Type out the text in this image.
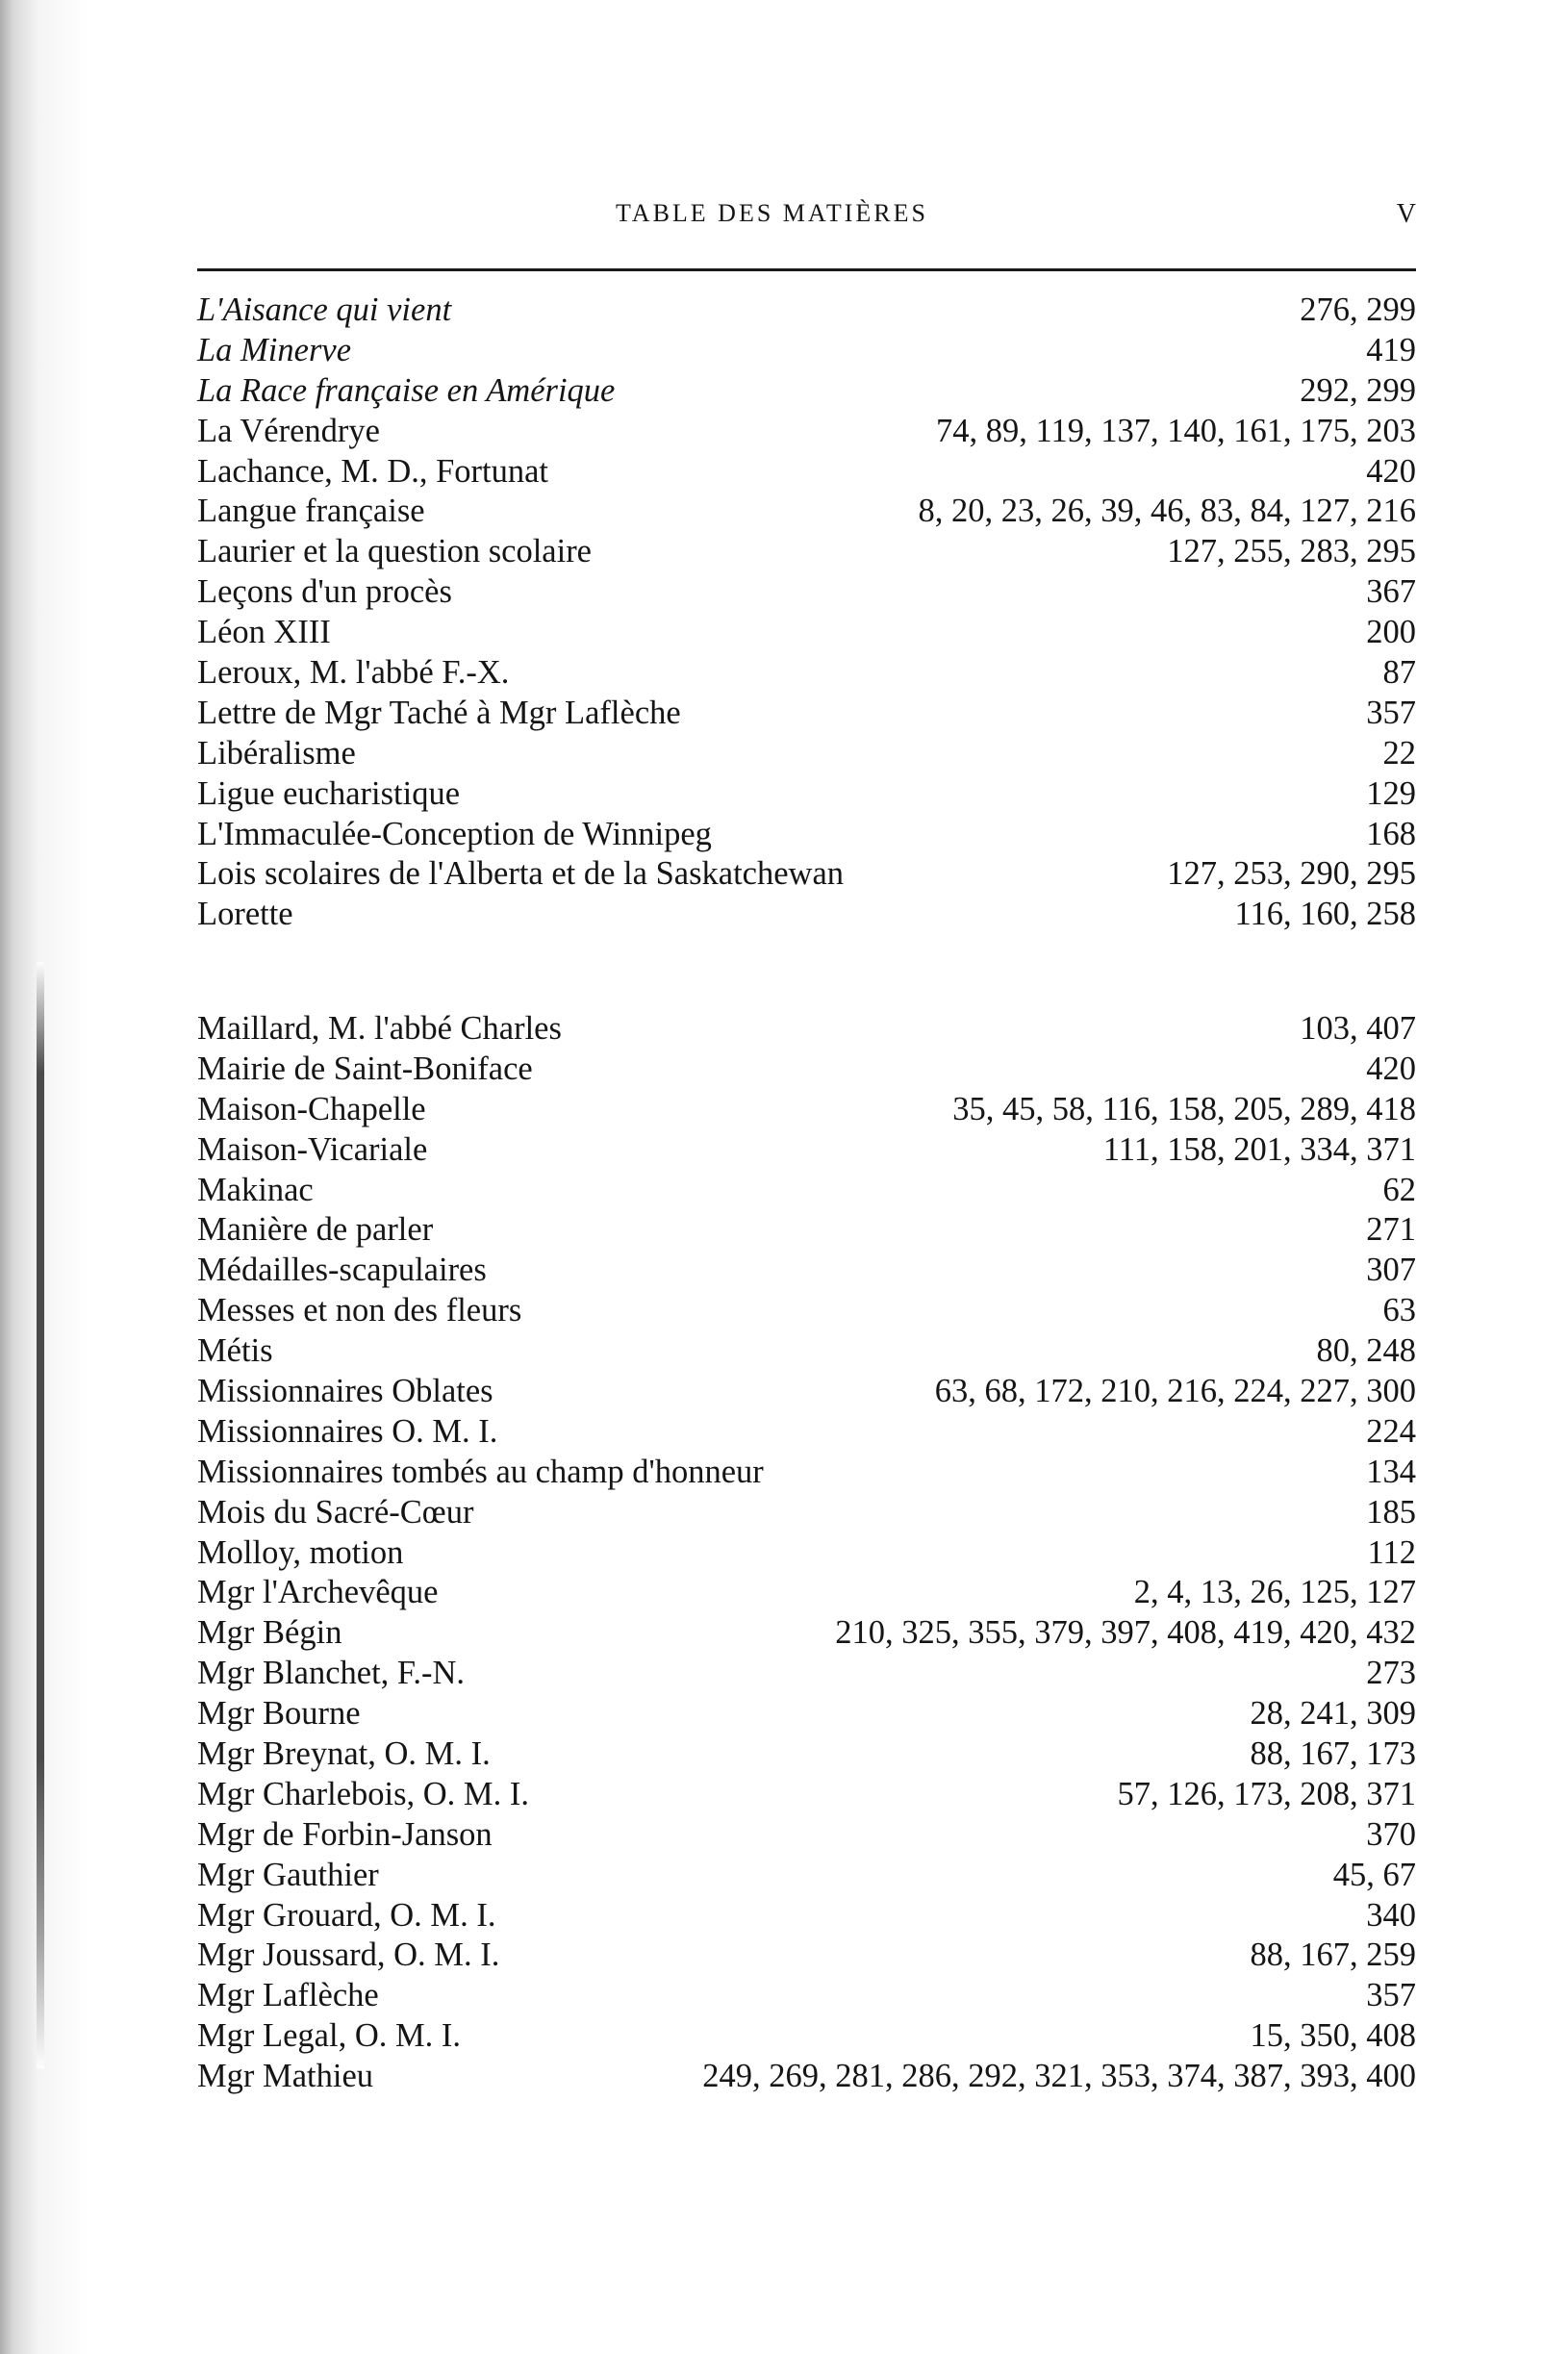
TABLE DES MATIÈRES	V
L'Aisance qui vient	276, 299
La Minerve	419
La Race française en Amérique	292, 299
La Vérendrye	74, 89, 119, 137, 140, 161, 175, 203
Lachance, M. D., Fortunat	420
Langue française	8, 20, 23, 26, 39, 46, 83, 84, 127, 216
Laurier et la question scolaire	127, 255, 283, 295
Leçons d'un procès	367
Léon XIII	200
Leroux, M. l'abbé F.-X.	87
Lettre de Mgr Taché à Mgr Laflèche	357
Libéralisme	22
Ligue eucharistique	129
L'Immaculée-Conception de Winnipeg	168
Lois scolaires de l'Alberta et de la Saskatchewan	127, 253, 290, 295
Lorette	116, 160, 258
Maillard, M. l'abbé Charles	103, 407
Mairie de Saint-Boniface	420
Maison-Chapelle	35, 45, 58, 116, 158, 205, 289, 418
Maison-Vicariale	111, 158, 201, 334, 371
Makinac	62
Manière de parler	271
Médailles-scapulaires	307
Messes et non des fleurs	63
Métis	80, 248
Missionnaires Oblates	63, 68, 172, 210, 216, 224, 227, 300
Missionnaires O. M. I.	224
Missionnaires tombés au champ d'honneur	134
Mois du Sacré-Cœur	185
Molloy, motion	112
Mgr l'Archevêque	2, 4, 13, 26, 125, 127
Mgr Bégin	210, 325, 355, 379, 397, 408, 419, 420, 432
Mgr Blanchet, F.-N.	273
Mgr Bourne	28, 241, 309
Mgr Breynat, O. M. I.	88, 167, 173
Mgr Charlebois, O. M. I.	57, 126, 173, 208, 371
Mgr de Forbin-Janson	370
Mgr Gauthier	45, 67
Mgr Grouard, O. M. I.	340
Mgr Joussard, O. M. I.	88, 167, 259
Mgr Laflèche	357
Mgr Legal, O. M. I.	15, 350, 408
Mgr Mathieu	249, 269, 281, 286, 292, 321, 353, 374, 387, 393, 400
